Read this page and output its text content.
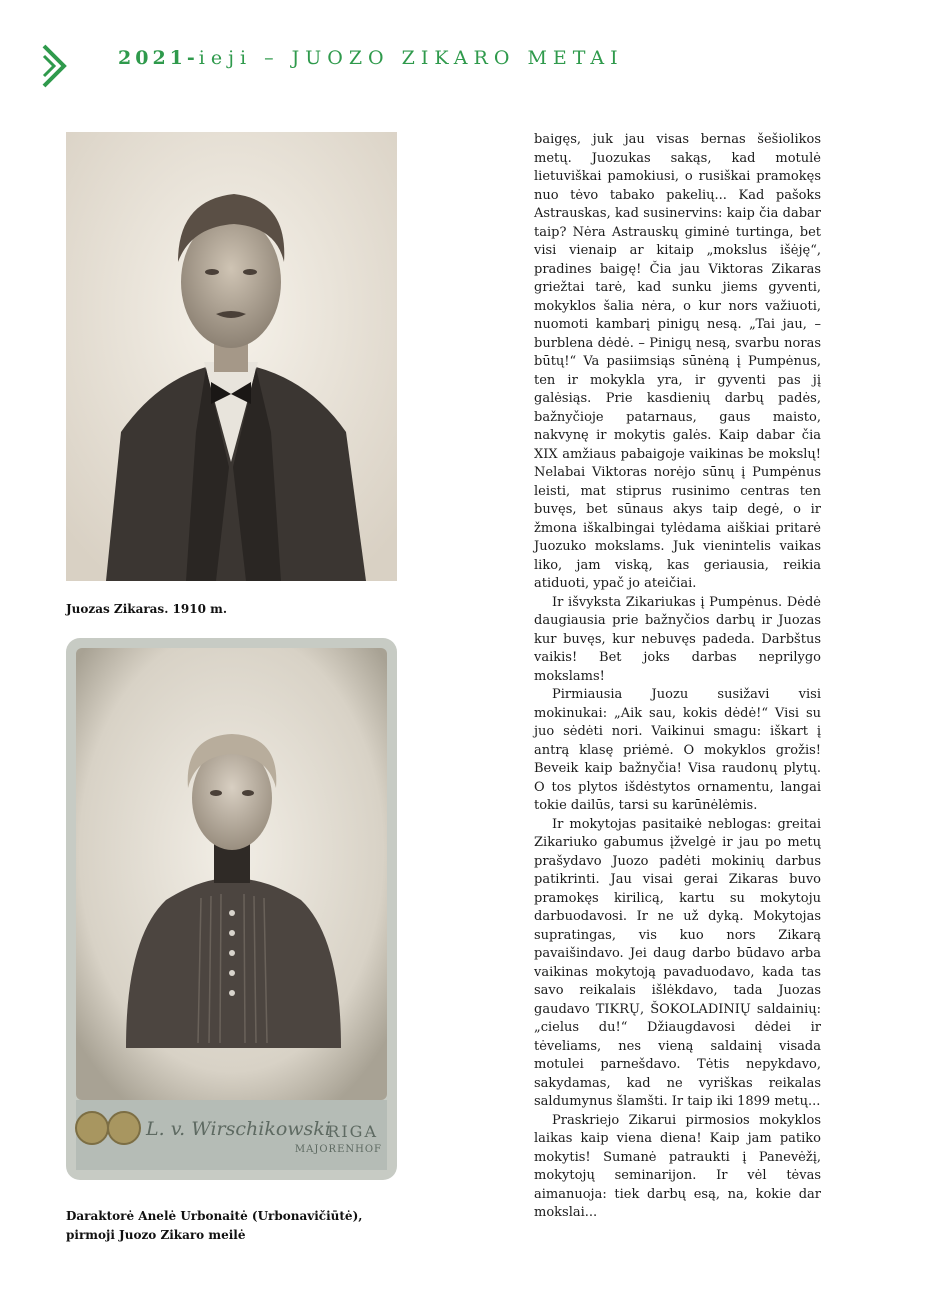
2021-ieji – JUOZO ZIKARO METAI
Juozas Zikaras. 1910 m.
L. v. Wirschikowski
RIGA
MAJORENHOF
Daraktorė Anelė Urbonaitė (Urbonavičiūtė),
pirmoji Juozo Zikaro meilė

baigęs, juk jau visas bernas šešiolikos metų. Juozukas sakąs, kad motulė lietuviškai pamokiusi, o rusiškai pramokęs nuo tėvo tabako pakelių... Kad pašoks Astrauskas, kad susinervins: kaip čia dabar taip? Nėra Astrauskų giminė turtinga, bet visi vienaip ar kitaip „mokslus išėję“, pradines baigę! Čia jau Viktoras Zikaras griežtai tarė, kad sunku jiems gyventi, mokyklos šalia nėra, o kur nors važiuoti, nuomoti kambarį pinigų nesą. „Tai jau, – burblena dėdė. – Pinigų nesą, svarbu noras būtų!“ Va pasiimsiąs sūnėną į Pumpėnus, ten ir mokykla yra, ir gyventi pas jį galėsiąs. Prie kasdienių darbų padės, bažnyčioje patarnaus, gaus maisto, nakvynę ir mokytis galės. Kaip dabar čia XIX amžiaus pabaigoje vaikinas be mokslų! Nelabai Viktoras norėjo sūnų į Pumpėnus leisti, mat stiprus rusinimo centras ten buvęs, bet sūnaus akys taip degė, o ir žmona iškalbingai tylėdama aiškiai pritarė Juozuko mokslams. Juk vienintelis vaikas liko, jam viską, kas geriausia, reikia atiduoti, ypač jo ateičiai.

Ir išvyksta Zikariukas į Pumpėnus. Dėdė daugiausia prie bažnyčios darbų ir Juozas kur buvęs, kur nebuvęs padeda. Darbštus vaikis! Bet joks darbas neprilygo mokslams!

Pirmiausia Juozu susižavi visi mokinukai: „Aik sau, kokis dėdė!“ Visi su juo sėdėti nori. Vaikinui smagu: iškart į antrą klasę priėmė. O mokyklos grožis! Beveik kaip bažnyčia! Visa raudonų plytų. O tos plytos išdėstytos ornamentu, langai tokie dailūs, tarsi su karūnėlėmis.

Ir mokytojas pasitaikė neblogas: greitai Zikariuko gabumus įžvelgė ir jau po metų prašydavo Juozo padėti mokinių darbus patikrinti. Jau visai gerai Zikaras buvo pramokęs kirilicą, kartu su mokytoju darbuodavosi. Ir ne už dyką. Mokytojas supratingas, vis kuo nors Zikarą pavaišindavo. Jei daug darbo būdavo arba vaikinas mokytoją pavaduodavo, kada tas savo reikalais išlėkdavo, tada Juozas gaudavo TIKRŲ, ŠOKOLADINIŲ saldainių: „cielus du!“ Džiaugdavosi dėdei ir tėveliams, nes vieną saldainį visada motulei parnešdavo. Tėtis nepykdavo, sakydamas, kad ne vyriškas reikalas saldumynus šlamšti. Ir taip iki 1899 metų...

Praskriejo Zikarui pirmosios mokyklos laikas kaip viena diena! Kaip jam patiko mokytis! Sumanė patraukti į Panevėžį, mokytojų seminarijon. Ir vėl tėvas aimanuoja: tiek darbų esą, na, kokie dar mokslai...
